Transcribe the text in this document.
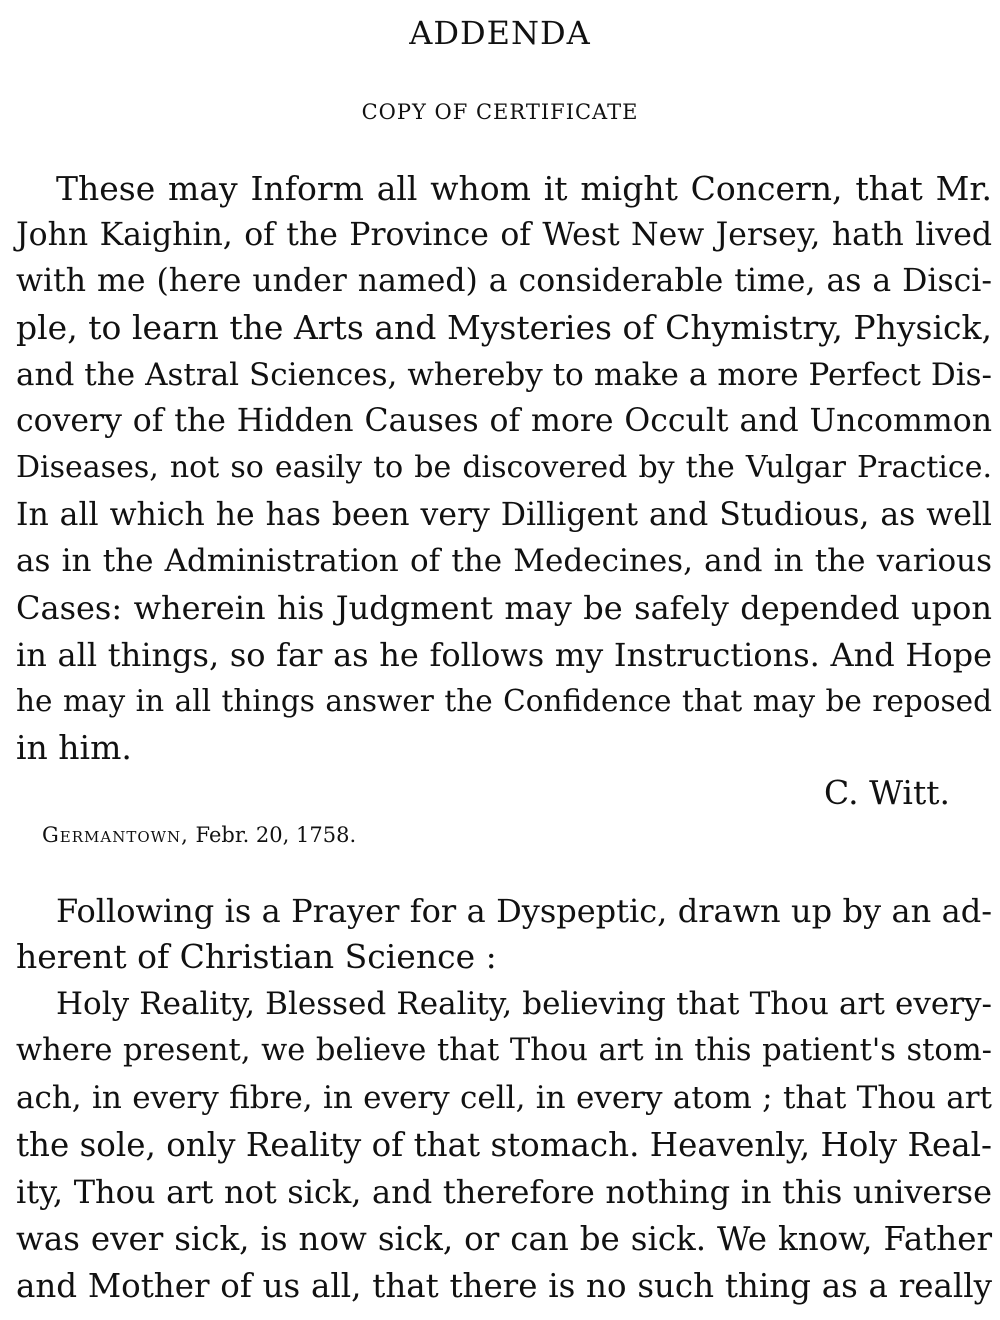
ADDENDA
COPY OF CERTIFICATE

These may Inform all whom it might Concern, that Mr.

John Kaighin, of the Province of West New Jersey, hath lived

with me (here under named) a considerable time, as a Disci-

ple, to learn the Arts and Mysteries of Chymistry, Physick,

and the Astral Sciences, whereby to make a more Perfect Dis-

covery of the Hidden Causes of more Occult and Uncommon

Diseases, not so easily to be discovered by the Vulgar Practice.

In all which he has been very Dilligent and Studious, as well

as in the Administration of the Medecines, and in the various

Cases: wherein his Judgment may be safely depended upon

in all things, so far as he follows my Instructions. And Hope

he may in all things answer the Confidence that may be reposed

in him.

C. Witt.

Germantown, Febr. 20, 1758.

Following is a Prayer for a Dyspeptic, drawn up by an ad-

herent of Christian Science :

Holy Reality, Blessed Reality, believing that Thou art every-

where present, we believe that Thou art in this patient's stom-

ach, in every fibre, in every cell, in every atom ; that Thou art

the sole, only Reality of that stomach. Heavenly, Holy Real-

ity, Thou art not sick, and therefore nothing in this universe

was ever sick, is now sick, or can be sick. We know, Father

and Mother of us all, that there is no such thing as a really
